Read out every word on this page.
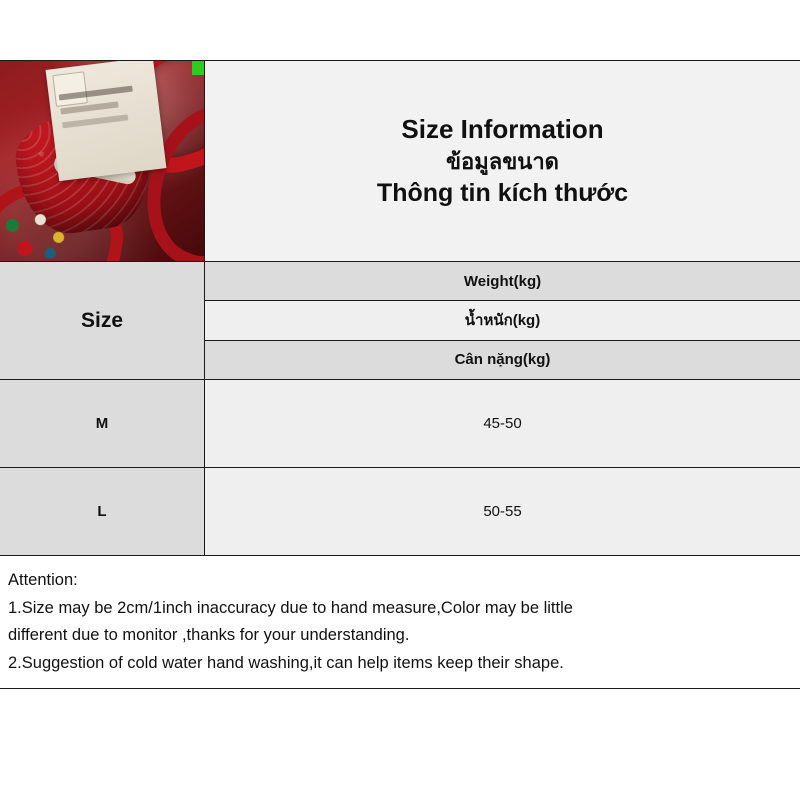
Size Information
ข้อมูลขนาด
Thông tin kích thước
Size
Weight(kg)
น้ำหนัก(kg)
Cân nặng(kg)
M	45-50
L	50-55

Attention:

1.Size may be 2cm/1inch inaccuracy due to hand measure,Color may be little

different due to monitor ,thanks for your understanding.

2.Suggestion of cold water hand washing,it can help items keep their shape.
